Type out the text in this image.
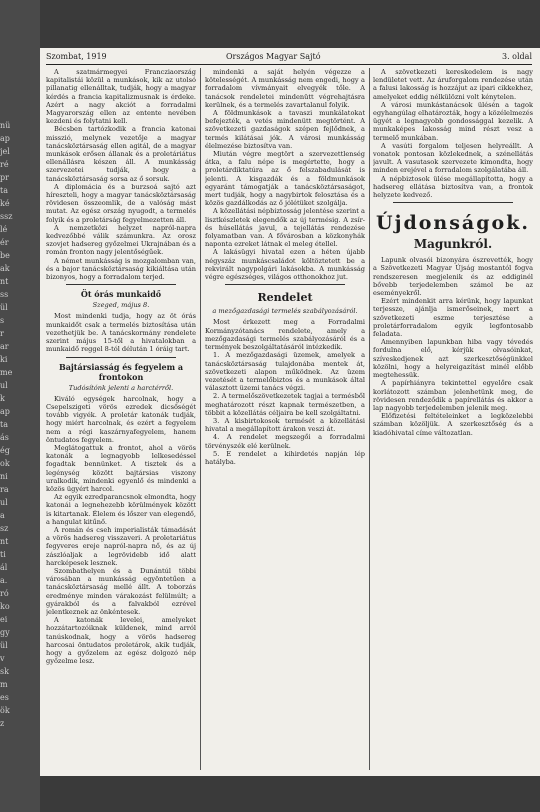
nü
ap
jel
ré
pr
ta
ké
ssz
lé
ér
be
ak
nt
ss
ül
s
r
ar
ki
me
ul
k
ap
ta
ás
ég
ok
ni
ra
ul
a
sz
nt
ti
ál
a.
ró
ko
ei
gy
ül
v
sk
m
es
ök
z
Szombat, 1919	Országos Magyar Sajtó	3. oldal

A szatmármegyei Francziaország kapitalistái közül a munkások, kik az utolsó pillanatig ellenálltak, tudják, hogy a magyar kérdés a francia kapitalizmusnak is érdeke. Azért a nagy akciót a forradalmi Magyarország ellen az entente nevében kezdeni és folytatni kell.

Bécsben tartózkodik a francia katonai misszió, melynek vezetője a magyar tanácsköztársaság ellen agitál, de a magyar munkások erősen állanak és a proletáriátus ellenállásra készen áll. A munkásság szervezetei tudják, hogy a tanácsköztársaság sorsa az ő sorsuk.

A diplomácia és a burzsoá sajtó azt híreszteli, hogy a magyar tanácsköztársaság rövidesen összeomlik, de a valóság mást mutat. Az egész ország nyugodt, a termelés folyik és a proletárság fegyelmezetten áll.

A nemzetközi helyzet napról-napra kedvezőbbé válik számunkra. Az orosz szovjet hadsereg győzelmei Ukrajnában és a román fronton nagy jelentőségűek.

A német munkásság is mozgalomban van, és a bajor tanácsköztársaság kikiáltása után bizonyos, hogy a forradalom terjed.

Öt órás munkaidő

Szeged, május 8.

Most mindenki tudja, hogy az öt órás munkaidőt csak a termelés biztosítása után vezethetjük be. A tanácskormány rendelete szerint május 15-től a hivatalokban a munkaidő reggel 8-tól délután 1 óráig tart.

Bajtársiasság és fegyelem a frontokon

Tudósítónk jelenti a harctérről.

Kiváló egységek harcolnak, hogy a Csepelszigeti vörös ezredek dicsőségét tovább vigyék. A proletár katonák tudják, hogy miért harcolnak, és ezért a fegyelem nem a régi kaszárnyafegyelem, hanem öntudatos fegyelem.

Meglátogattuk a frontot, ahol a vörös katonák a legnagyobb lelkesedéssel fogadtak bennünket. A tisztek és a legénység között bajtársias viszony uralkodik, mindenki egyenlő és mindenki a közös ügyért harcol.

Az egyik ezredparancsnok elmondta, hogy katonái a legnehezebb körülmények között is kitartanak. Élelem és lőszer van elegendő, a hangulat kitűnő.

A román és cseh imperialisták támadását a vörös hadsereg visszaveri. A proletariátus fegyveres ereje napról-napra nő, és az új zászlóaljak a legrövidebb idő alatt harcképesek lesznek.

Szombathelyen és a Dunántúl többi városában a munkásság egyöntetűen a tanácsköztársaság mellé állt. A toborzás eredménye minden várakozást felülmúlt; a gyárakból és a falvakból ezrével jelentkeznek az önkéntesek.

A katonák levelei, amelyeket hozzátartozóiknak küldenek, mind arról tanúskodnak, hogy a vörös hadsereg harcosai öntudatos proletárok, akik tudják, hogy a győzelem az egész dolgozó nép győzelme lesz.

mindenki a saját helyén végezze a kötelességét. A munkásság nem engedi, hogy a forradalom vívmányait elvegyék tőle. A tanácsok rendeletei mindenütt végrehajtásra kerülnek, és a termelés zavartalanul folyik.

A földmunkások a tavaszi munkálatokat befejezték, a vetés mindenütt megtörtént. A szövetkezeti gazdaságok szépen fejlődnek, a termés kilátásai jók. A városi munkásság élelmezése biztosítva van.

Miután végre megtört a szervezettlenség átka, a falu népe is megértette, hogy a proletárdiktatúra az ő felszabadulását is jelenti. A kisgazdák és a földmunkások egyaránt támogatják a tanácsköztársaságot, mert tudják, hogy a nagybirtok felosztása és a közös gazdálkodás az ő jólétüket szolgálja.

A közellátási népbiztosság jelentése szerint a lisztkészletek elegendők az új termésig. A zsír- és húsellátás javul, a tejellátás rendezése folyamatban van. A fővárosban a közkonyhák naponta ezreket látnak el meleg étellel.

A lakásügyi hivatal ezen a héten újabb négyszáz munkáscsaládot költöztetett be a rekvirált nagypolgári lakásokba. A munkásság végre egészséges, világos otthonokhoz jut.

Rendelet

a mezőgazdasági termelés szabályozásáról.

Most érkezett meg a Forradalmi Kormányzótanács rendelete, amely a mezőgazdasági termelés szabályozásáról és a termények beszolgáltatásáról intézkedik.

1. A mezőgazdasági üzemek, amelyek a tanácsköztársaság tulajdonába mentek át, szövetkezeti alapon működnek. Az üzem vezetését a termelőbiztos és a munkások által választott üzemi tanács végzi.

2. A termelőszövetkezetek tagjai a termésből meghatározott részt kapnak természetben, a többit a közellátás céljaira be kell szolgáltatni.

3. A kisbirtokosok termését a közellátási hivatal a megállapított árakon veszi át.

4. A rendelet megszegői a forradalmi törvényszék elé kerülnek.

5. E rendelet a kihirdetés napján lép hatályba.

A szövetkezeti kereskedelem is nagy lendületet vett. Az áruforgalom rendezése után a falusi lakosság is hozzájut az ipari cikkekhez, amelyeket eddig nélkülözni volt kénytelen.

A városi munkástanácsok ülésén a tagok egyhangúlag elhatározták, hogy a közélelmezés ügyét a legnagyobb gondossággal kezelik. A munkaképes lakosság mind részt vesz a termelő munkában.

A vasúti forgalom teljesen helyreállt. A vonatok pontosan közlekednek, a szénellátás javult. A vasutasok szervezete kimondta, hogy minden erejével a forradalom szolgálatába áll.

A népbiztosok ülése megállapította, hogy a hadsereg ellátása biztosítva van, a frontok helyzete kedvező.

Újdonságok.

Magunkról.

Lapunk olvasói bizonyára észrevették, hogy a Szövetkezeti Magyar Újság mostantól fogva rendszeresen megjelenik és az eddiginél bővebb terjedelemben számol be az eseményekről.

Ezért mindenkit arra kérünk, hogy lapunkat terjessze, ajánlja ismerőseinek, mert a szövetkezeti eszme terjesztése a proletárforradalom egyik legfontosabb feladata.

Amennyiben lapunkban hiba vagy tévedés fordulna elő, kérjük olvasóinkat, szíveskedjenek azt szerkesztőségünkkel közölni, hogy a helyreigazítást minél előbb megtehessük.

A papírhiányra tekintettel egyelőre csak korlátozott számban jelenhetünk meg, de rövidesen rendeződik a papírellátás és akkor a lap nagyobb terjedelemben jelenik meg.

Előfizetési feltételeinket a legközelebbi számban közöljük. A szerkesztőség és a kiadóhivatal címe változatlan.
